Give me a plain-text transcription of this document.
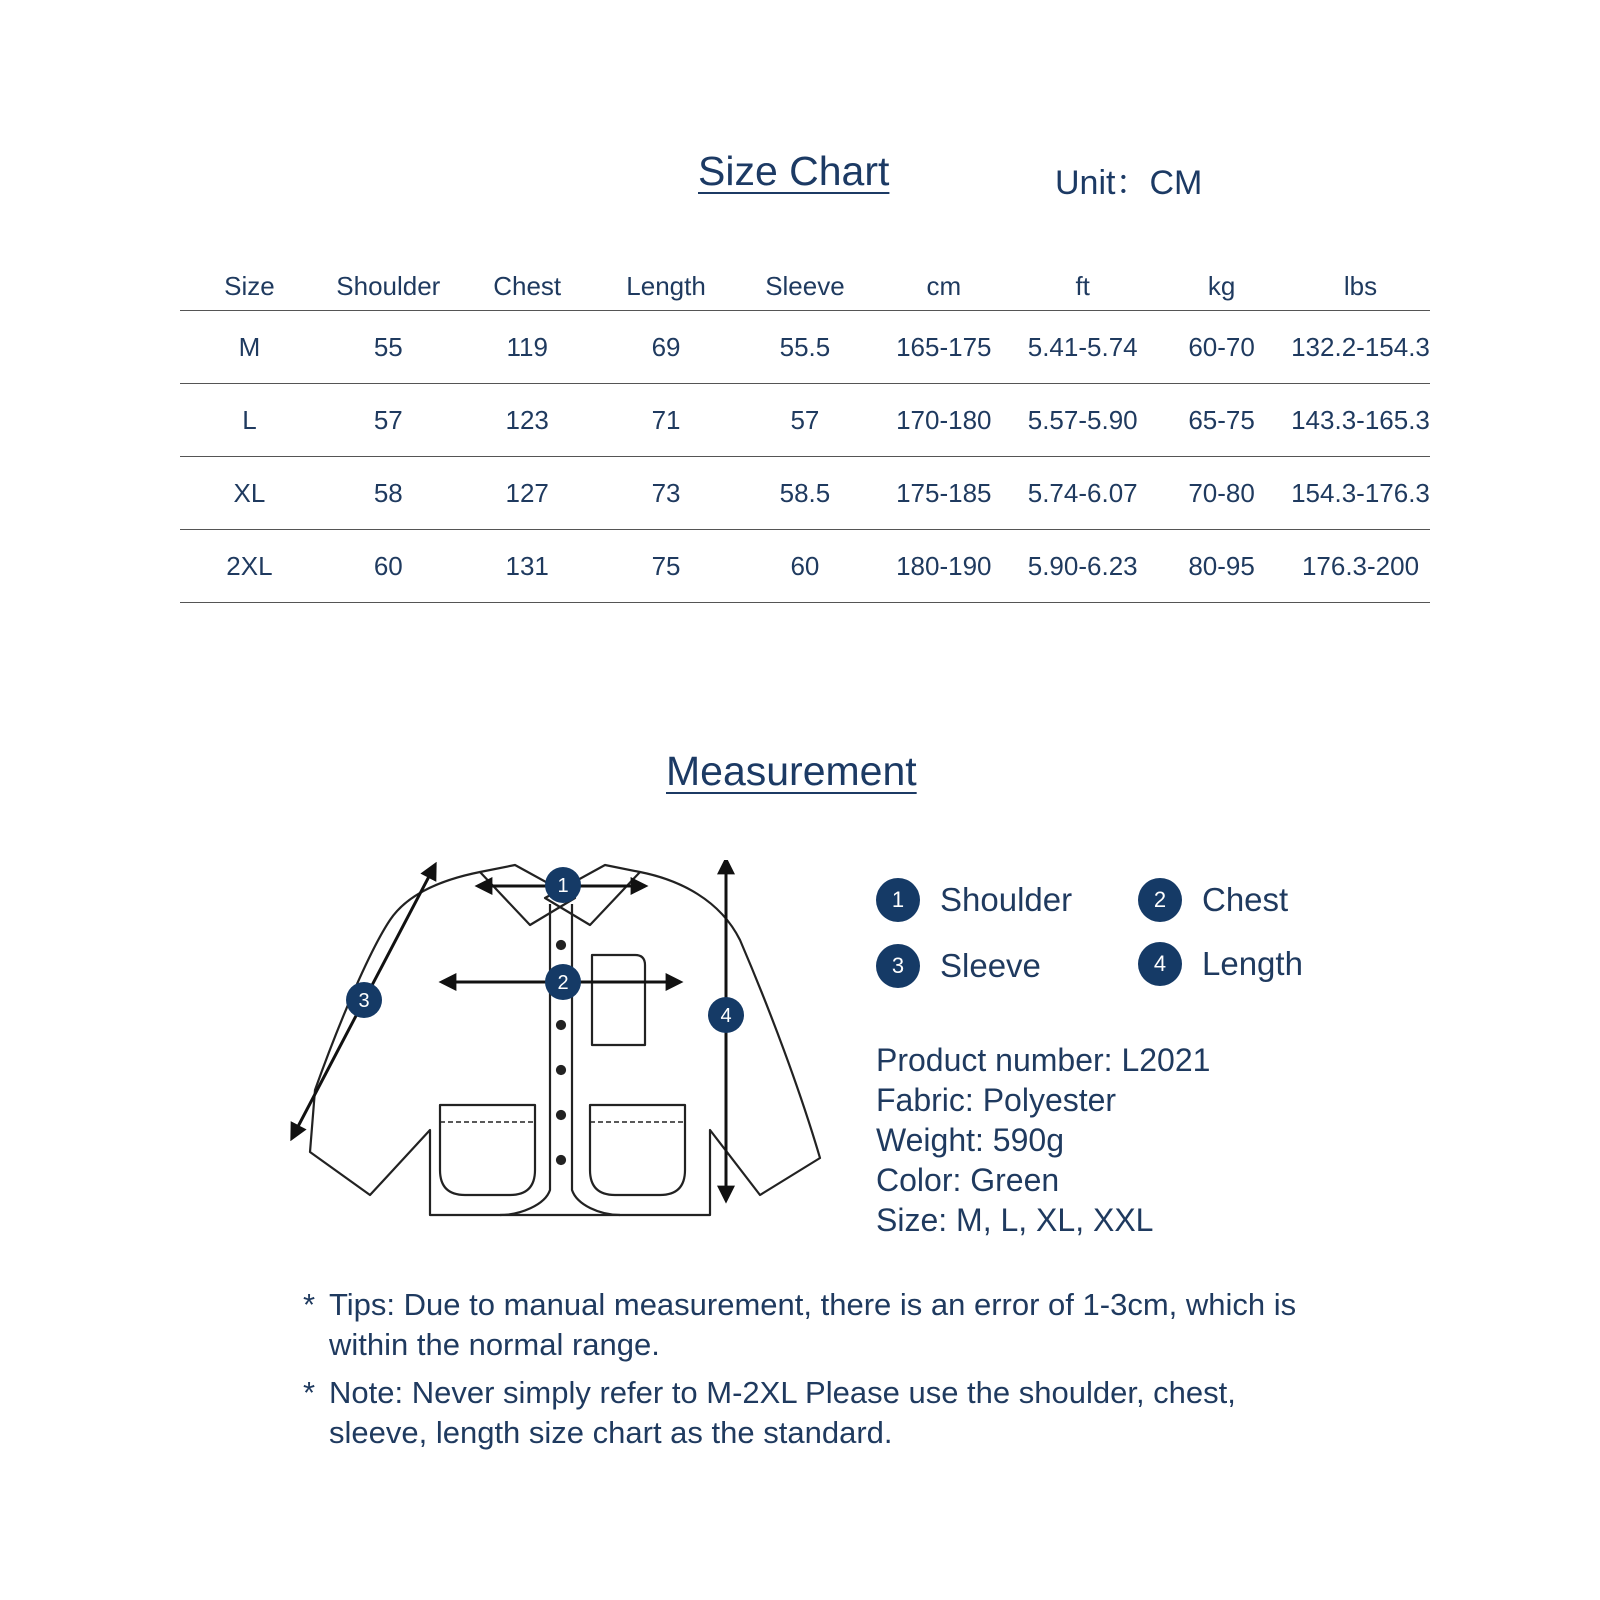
Size Chart	Unit：CM
Size	Shoulder	Chest	Length	Sleeve	cm	ft	kg	lbs
M	55	119	69	55.5	165-175	5.41-5.74	60-70	132.2-154.3
L	57	123	71	57	170-180	5.57-5.90	65-75	143.3-165.3
XL	58	127	73	58.5	175-185	5.74-6.07	70-80	154.3-176.3
2XL	60	131	75	60	180-190	5.90-6.23	80-95	176.3-200
Measurement
1
2
3
4
1	Shoulder	2	Chest
3	Sleeve	4	Length
Product number: L2021
Fabric: Polyester
Weight: 590g
Color: Green
Size: M, L, XL, XXL
* Tips: Due to manual measurement, there is an error of 1-3cm, which is within the normal range.
* Note: Never simply refer to M-2XL Please use the shoulder, chest, sleeve, length size chart as the standard.
